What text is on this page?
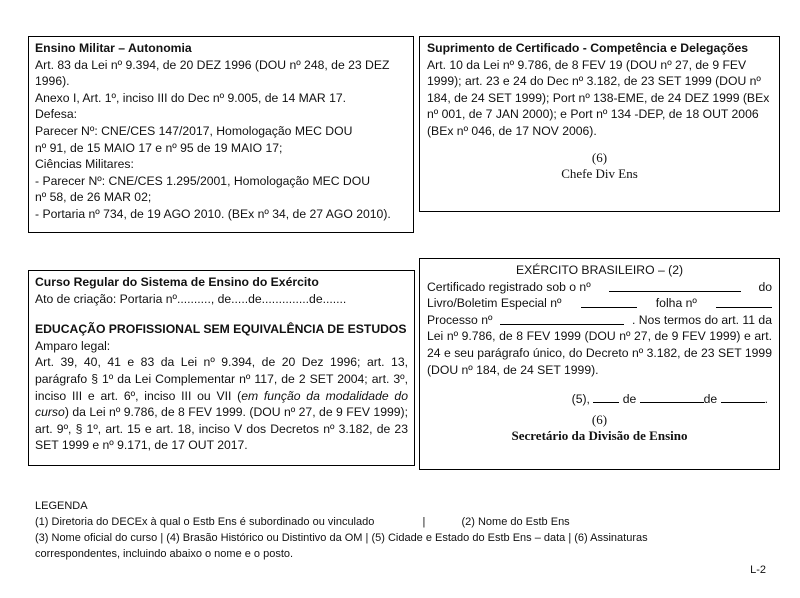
Ensino Militar – Autonomia
Art. 83 da Lei nº 9.394, de 20 DEZ 1996 (DOU nº 248, de 23 DEZ
1996).
Anexo I, Art. 1º, inciso III do Dec nº 9.005, de 14 MAR 17.
Defesa:
Parecer Nº: CNE/CES 147/2017, Homologação MEC DOU
nº 91, de 15 MAIO 17 e nº 95 de 19 MAIO 17;
Ciências Militares:
- Parecer Nº: CNE/CES 1.295/2001, Homologação MEC DOU
nº 58, de 26 MAR 02;
- Portaria nº 734, de 19 AGO 2010. (BEx nº 34, de 27 AGO 2010).
Suprimento de Certificado - Competência e Delegações
Art. 10 da Lei nº 9.786, de 8 FEV 19 (DOU nº 27, de 9 FEV
1999); art. 23 e 24 do Dec nº 3.182, de 23 SET 1999 (DOU nº
184, de 24 SET 1999); Port nº 138-EME, de 24 DEZ 1999 (BEx
nº 001, de 7 JAN 2000); e Port nº 134 -DEP, de 18 OUT 2006
(BEx nº 046, de 17 NOV 2006).
(6)
Chefe Div Ens
Curso Regular do Sistema de Ensino do Exército
Ato de criação: Portaria nº.........., de.....de..............de.......
EDUCAÇÃO PROFISSIONAL SEM EQUIVALÊNCIA DE ESTUDOS
Amparo legal:
Art. 39, 40, 41 e 83 da Lei nº 9.394, de 20 Dez 1996; art. 13, parágrafo § 1º da Lei Complementar nº 117, de 2 SET 2004; art. 3º, inciso III e art. 6º, inciso III ou VII (em função da modalidade do curso) da Lei nº 9.786, de 8 FEV 1999. (DOU nº 27, de 9 FEV 1999); art. 9º, § 1º, art. 15 e art. 18, inciso V dos Decretos nº 3.182, de 23 SET 1999 e nº 9.171, de 17 OUT 2017.
EXÉRCITO BRASILEIRO – (2)
Certificado registrado sob o nº	do
Livro/Boletim Especial nº	folha nº
Processo nº	. Nos termos do art. 11 da
Lei nº 9.786, de 8 FEV 1999 (DOU nº 27, de 9 FEV 1999) e art. 24 e seu parágrafo único, do Decreto nº 3.182, de 23 SET 1999 (DOU nº 184, de 24 SET 1999).
(5),	de	de	.
(6)
Secretário da Divisão de Ensino
LEGENDA
(1) Diretoria do DECEx à qual o Estb Ens é subordinado ou vinculado	|	(2) Nome do Estb Ens
(3) Nome oficial do curso | (4) Brasão Histórico ou Distintivo da OM | (5) Cidade e Estado do Estb Ens – data | (6) Assinaturas
correspondentes, incluindo abaixo o nome e o posto.
L-2
